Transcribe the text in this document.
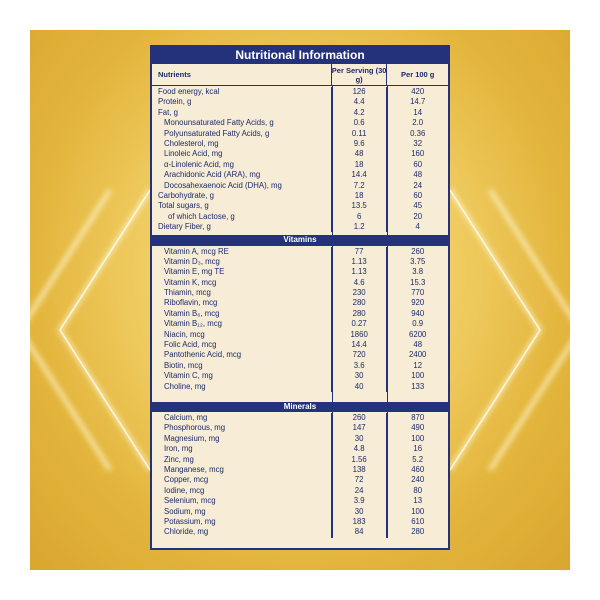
Nutritional Information
Nutrients	Per Serving (30 g)	Per 100 g
Food energy, kcal	126	420
Protein, g	4.4	14.7
Fat, g	4.2	14
Monounsaturated Fatty Acids, g	0.6	2.0
Polyunsaturated Fatty Acids, g	0.11	0.36
Cholesterol, mg	9.6	32
Linoleic Acid, mg	48	160
α-Linolenic Acid, mg	18	60
Arachidonic Acid (ARA), mg	14.4	48
Docosahexaenoic Acid (DHA), mg	7.2	24
Carbohydrate, g	18	60
Total sugars, g	13.5	45
of which Lactose, g	6	20
Dietary Fiber, g	1.2	4
Vitamins
Vitamin A, mcg RE	77	260
Vitamin D₃, mcg	1.13	3.75
Vitamin E, mg TE	1.13	3.8
Vitamin K, mcg	4.6	15.3
Thiamin, mcg	230	770
Riboflavin, mcg	280	920
Vitamin B₆, mcg	280	940
Vitamin B₁₂, mcg	0.27	0.9
Niacin, mcg	1860	6200
Folic Acid, mcg	14.4	48
Pantothenic Acid, mcg	720	2400
Biotin, mcg	3.6	12
Vitamin C, mg	30	100
Choline, mg	40	133
Minerals
Calcium, mg	260	870
Phosphorous, mg	147	490
Magnesium, mg	30	100
Iron, mg	4.8	16
Zinc, mg	1.56	5.2
Manganese, mcg	138	460
Copper, mcg	72	240
Iodine, mcg	24	80
Selenium, mcg	3.9	13
Sodium, mg	30	100
Potassium, mg	183	610
Chloride, mg	84	280
